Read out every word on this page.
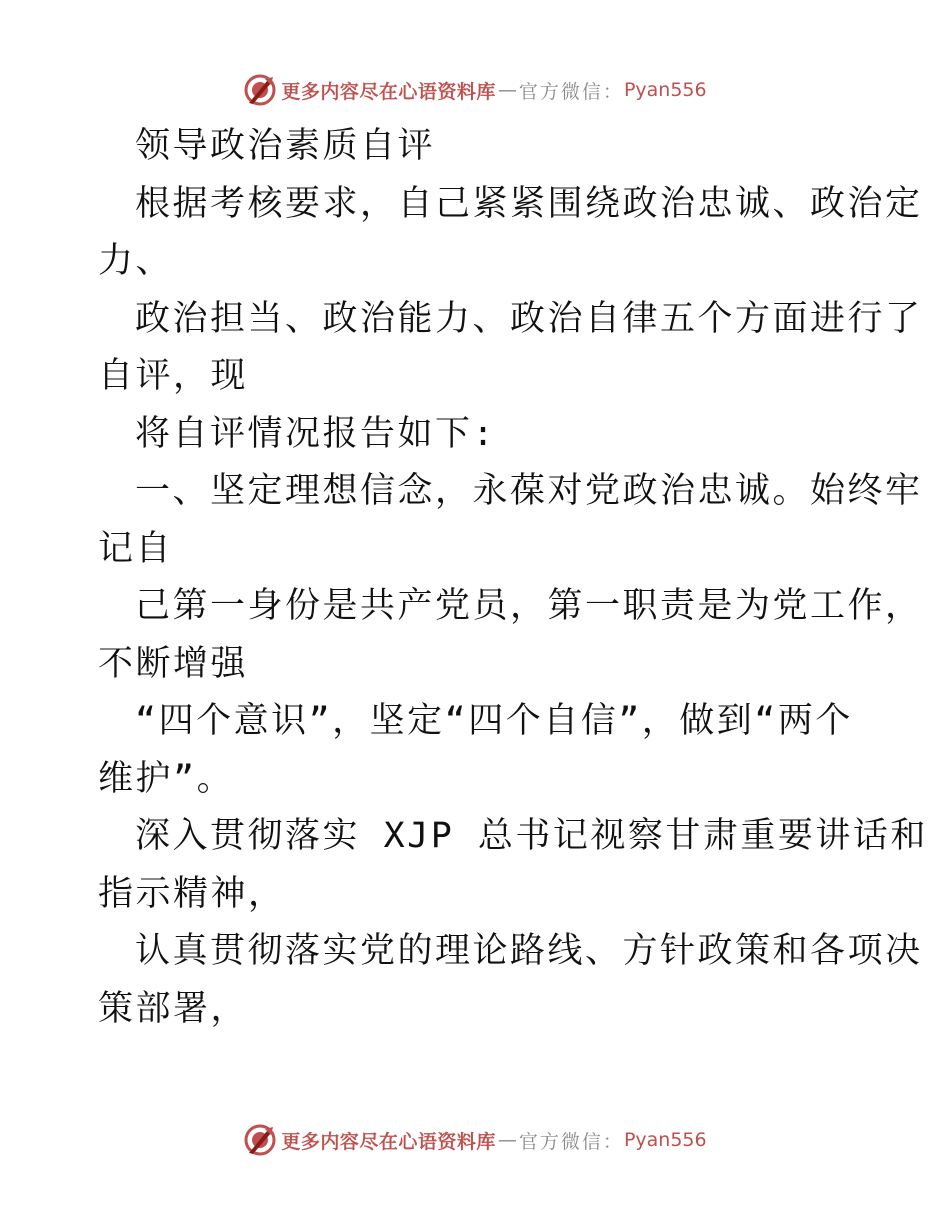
更多内容尽在心语资料库 — 官方微信： Pyan556
领导政治素质自评
根据考核要求，自己紧紧围绕政治忠诚、政治定
力、
政治担当、政治能力、政治自律五个方面进行了
自评，现
将自评情况报告如下:
一、坚定理想信念，永葆对党政治忠诚。始终牢
记自
己第一身份是共产党员，第一职责是为党工作，
不断增强
“四个意识”，坚定“四个自信”，做到“两个
维护”。
深入贯彻落实 XJP 总书记视察甘肃重要讲话和
指示精神，
认真贯彻落实党的理论路线、方针政策和各项决
策部署，
更多内容尽在心语资料库 — 官方微信： Pyan556
